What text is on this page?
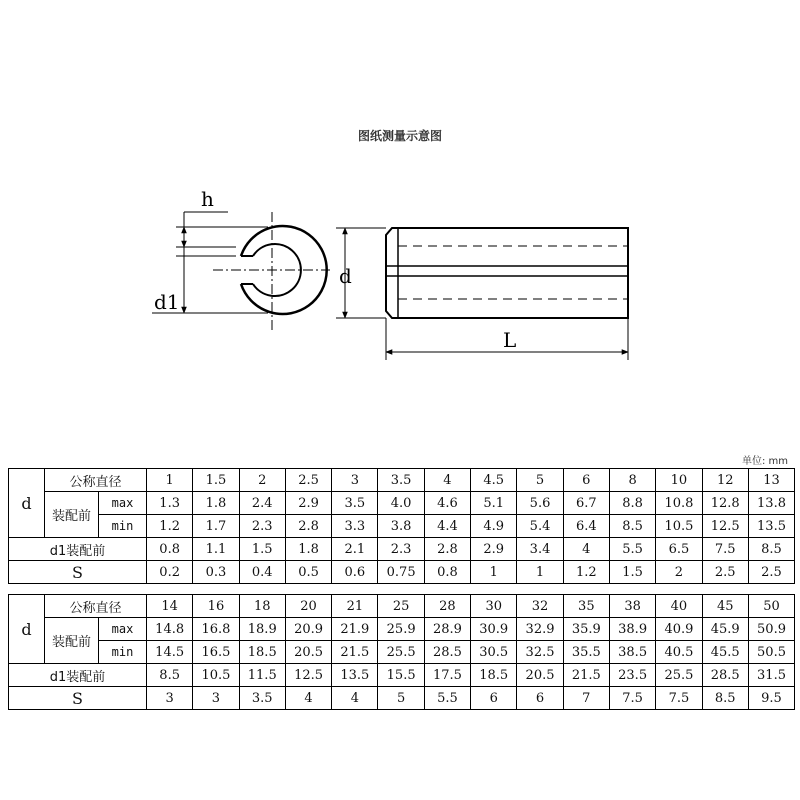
图纸测量示意图
h
d1
d
L
单位: mm
d	公称直径		1	1.5	2	2.5	3	3.5	4	4.5	5	6	8	10	12	13
	装配前	max	1.3	1.8	2.4	2.9	3.5	4.0	4.6	5.1	5.6	6.7	8.8	10.8	12.8	13.8
		min	1.2	1.7	2.3	2.8	3.3	3.8	4.4	4.9	5.4	6.4	8.5	10.5	12.5	13.5
d1装配前			0.8	1.1	1.5	1.8	2.1	2.3	2.8	2.9	3.4	4	5.5	6.5	7.5	8.5
S			0.2	0.3	0.4	0.5	0.6	0.75	0.8	1	1	1.2	1.5	2	2.5	2.5
d	公称直径		14	16	18	20	21	25	28	30	32	35	38	40	45	50
	装配前	max	14.8	16.8	18.9	20.9	21.9	25.9	28.9	30.9	32.9	35.9	38.9	40.9	45.9	50.9
		min	14.5	16.5	18.5	20.5	21.5	25.5	28.5	30.5	32.5	35.5	38.5	40.5	45.5	50.5
d1装配前			8.5	10.5	11.5	12.5	13.5	15.5	17.5	18.5	20.5	21.5	23.5	25.5	28.5	31.5
S			3	3	3.5	4	4	5	5.5	6	6	7	7.5	7.5	8.5	9.5
